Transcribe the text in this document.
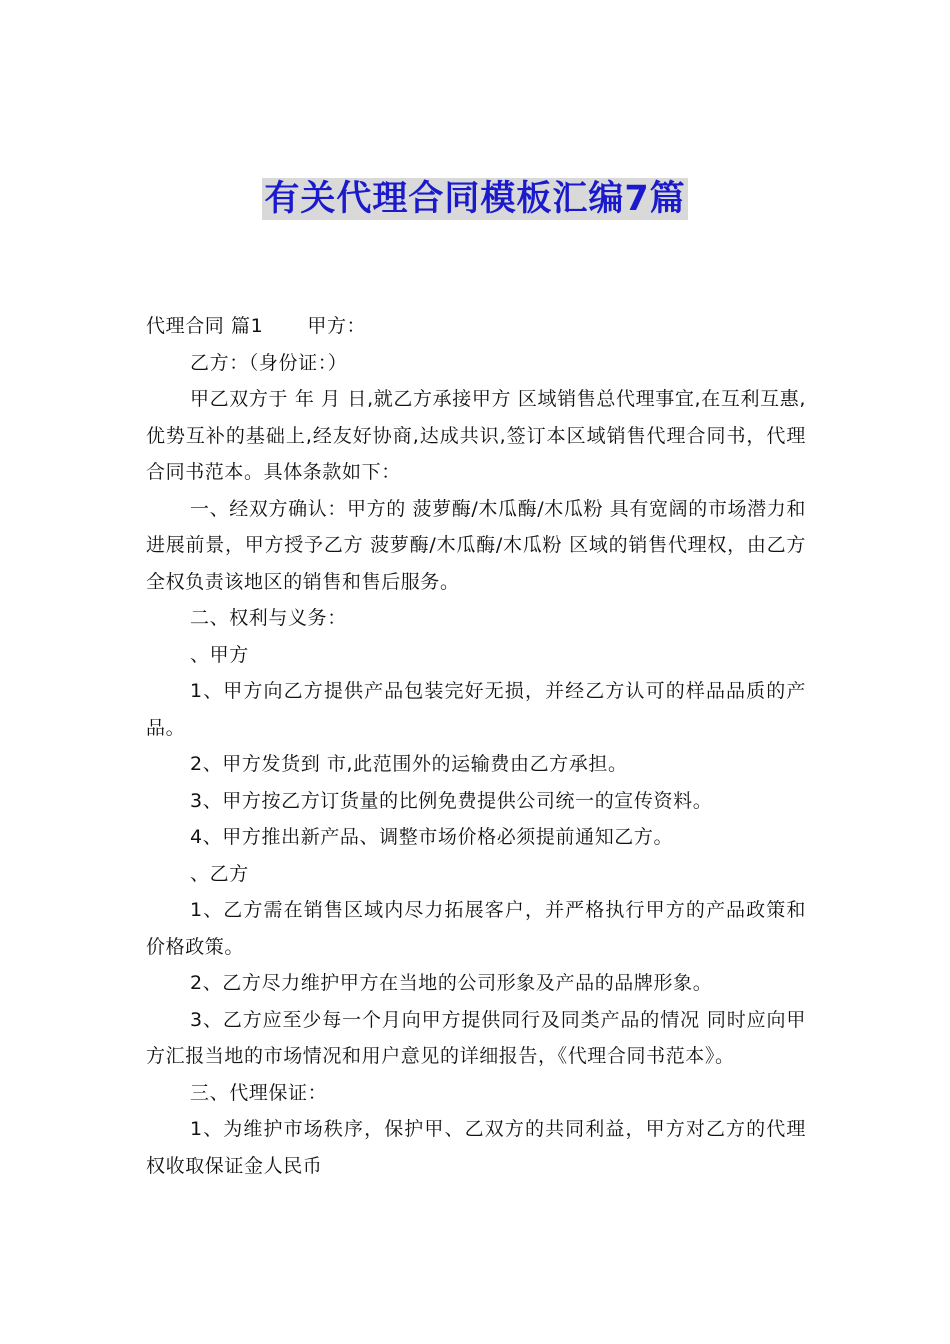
有关代理合同模板汇编7篇

代理合同 篇1 甲方：

乙方：（身份证：）

甲乙双方于 年 月 日,就乙方承接甲方 区域销售总代理事宜,在互利互惠,优势互补的基础上,经友好协商,达成共识,签订本区域销售代理合同书，代理合同书范本。具体条款如下：

一、经双方确认：甲方的 菠萝酶/木瓜酶/木瓜粉 具有宽阔的市场潜力和进展前景，甲方授予乙方 菠萝酶/木瓜酶/木瓜粉 区域的销售代理权，由乙方全权负责该地区的销售和售后服务。

二、权利与义务：

、甲方

1、甲方向乙方提供产品包装完好无损，并经乙方认可的样品品质的产品。

2、甲方发货到 市,此范围外的运输费由乙方承担。

3、甲方按乙方订货量的比例免费提供公司统一的宣传资料。

4、甲方推出新产品、调整市场价格必须提前通知乙方。

、乙方

1、乙方需在销售区域内尽力拓展客户，并严格执行甲方的产品政策和价格政策。

2、乙方尽力维护甲方在当地的公司形象及产品的品牌形象。

3、乙方应至少每一个月向甲方提供同行及同类产品的情况 同时应向甲方汇报当地的市场情况和用户意见的详细报告，《代理合同书范本》。

三、代理保证：

1、为维护市场秩序，保护甲、乙双方的共同利益，甲方对乙方的代理权收取保证金人民币
